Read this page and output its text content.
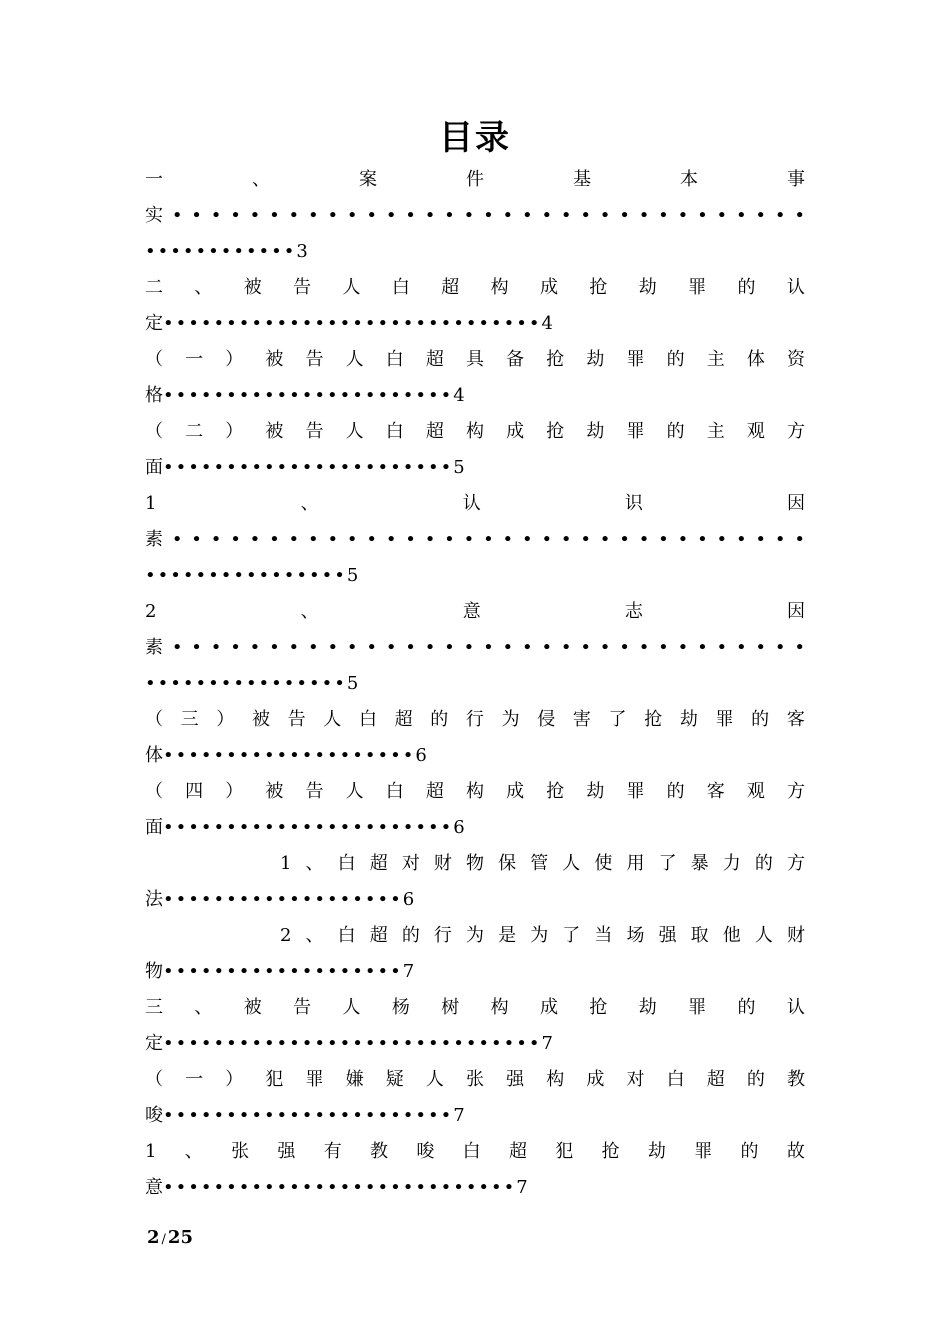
目录
一	、	案	件	基	本	事
实 • • • • • • • • • • • • • • • • • • • • • • • • • • • • • • • • •
••••••••••••3
二 、 被 告 人 白 超 构 成 抢 劫 罪 的 认
定••••••••••••••••••••••••••••••4
（ 一 ） 被 告 人 白 超 具 备 抢 劫 罪 的 主 体 资
格•••••••••••••••••••••••4
（ 二 ） 被 告 人 白 超 构 成 抢 劫 罪 的 主 观 方
面•••••••••••••••••••••••5
1	、	认	识	因
素 • • • • • • • • • • • • • • • • • • • • • • • • • • • • • • • • •
••••••••••••••••5
2	、	意	志	因
素 • • • • • • • • • • • • • • • • • • • • • • • • • • • • • • • • •
••••••••••••••••5
（ 三 ） 被 告 人 白 超 的 行 为 侵 害 了 抢 劫 罪 的 客
体••••••••••••••••••••6
（ 四 ） 被 告 人 白 超 构 成 抢 劫 罪 的 客 观 方
面•••••••••••••••••••••••6
1 、 白 超 对 财 物 保 管 人 使 用 了 暴 力 的 方
法•••••••••••••••••••6
2 、 白 超 的 行 为 是 为 了 当 场 强 取 他 人 财
物•••••••••••••••••••7
三 、 被 告 人 杨 树 构 成 抢 劫 罪 的 认
定••••••••••••••••••••••••••••••7
（ 一 ） 犯 罪 嫌 疑 人 张 强 构 成 对 白 超 的 教
唆•••••••••••••••••••••••7
1 、 张 强 有 教 唆 白 超 犯 抢 劫 罪 的 故
意••••••••••••••••••••••••••••7
2 / 25
